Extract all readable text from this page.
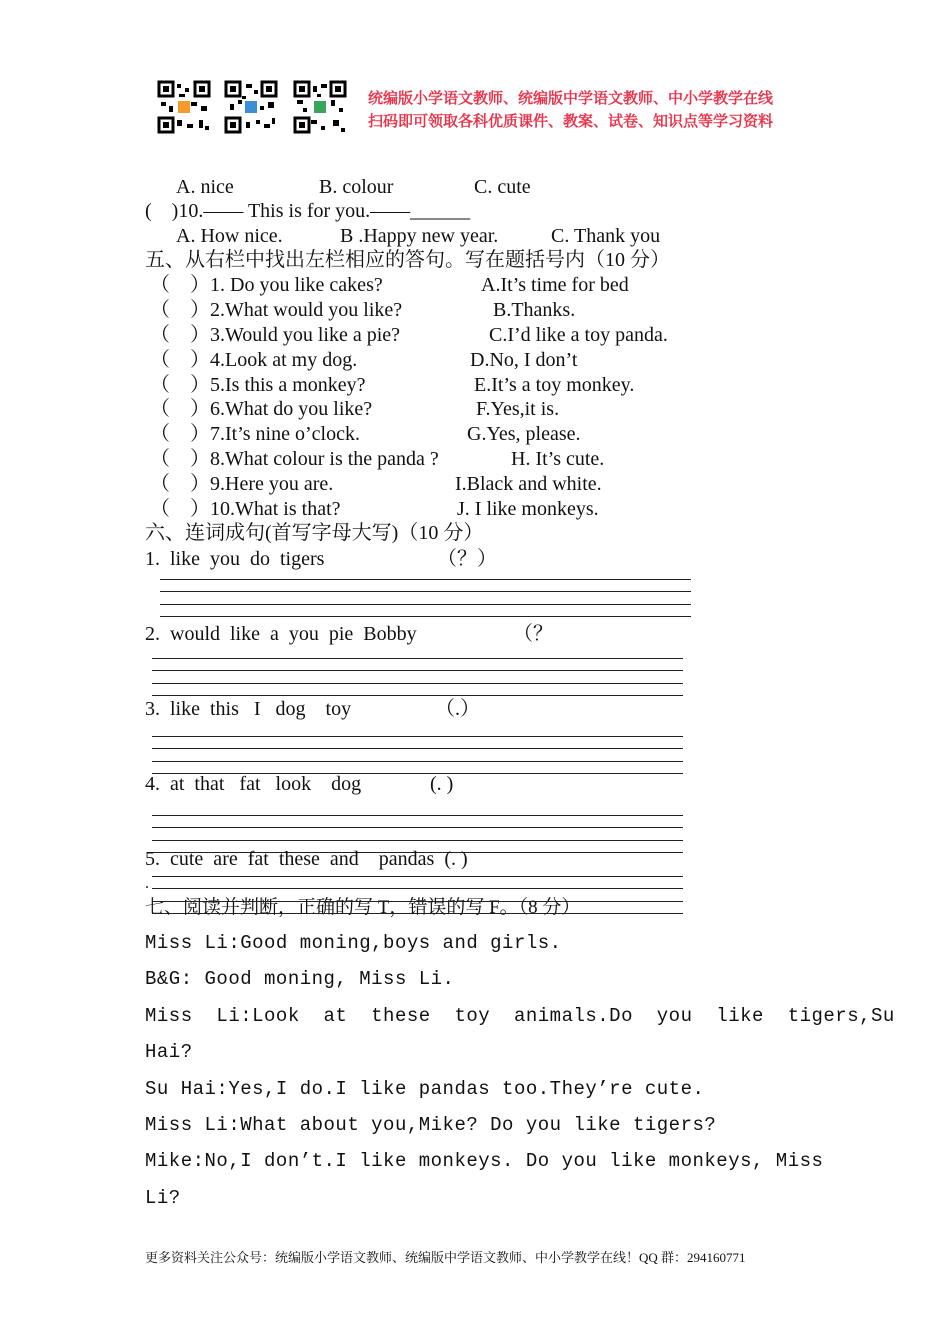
统编版小学语文教师、统编版中学语文教师、中小学教学在线
扫码即可领取各科优质课件、教案、试卷、知识点等学习资料
A. nice	B. colour	C. cute
(    )10.—— This is for you.——______
A. How nice.	B .Happy new year.	C. Thank you
五、从右栏中找出左栏相应的答句。写在题括号内（10 分）
（    ）1. Do you like cakes?	A.It’s time for bed
（    ）2.What would you like?	B.Thanks.
（    ）3.Would you like a pie?	C.I’d like a toy panda.
（    ）4.Look at my dog.	D.No, I don’t
（    ）5.Is this a monkey?	E.It’s a toy monkey.
（    ）6.What do you like?	F.Yes,it is.
（    ）7.It’s nine o’clock.	G.Yes, please.
（    ）8.What colour is the panda ?	H. It’s cute.
（    ）9.Here you are.	I.Black and white.
（    ）10.What is that?	J. I like monkeys.
六、连词成句(首写字母大写)（10 分）
1.  like  you  do  tigers	（？）
2.  would  like  a  you  pie  Bobby	（？
3.  like  this   I   dog    toy	（.）
4.  at  that   fat   look    dog	(. )
5.  cute  are  fat  these  and    pandas  (. )
.
七、阅读并判断，正确的写 T，错误的写 F。（8 分）
Miss Li:Good moning,boys and girls.
B&G: Good moning, Miss Li.
Miss  Li:Look  at  these  toy  animals.Do  you  like  tigers,Su
Hai?
Su Hai:Yes,I do.I like pandas too.They’re cute.
Miss Li:What about you,Mike? Do you like tigers?
Mike:No,I don’t.I like monkeys. Do you like monkeys, Miss
Li?
更多资料关注公众号：统编版小学语文教师、统编版中学语文教师、中小学教学在线！QQ 群：294160771
